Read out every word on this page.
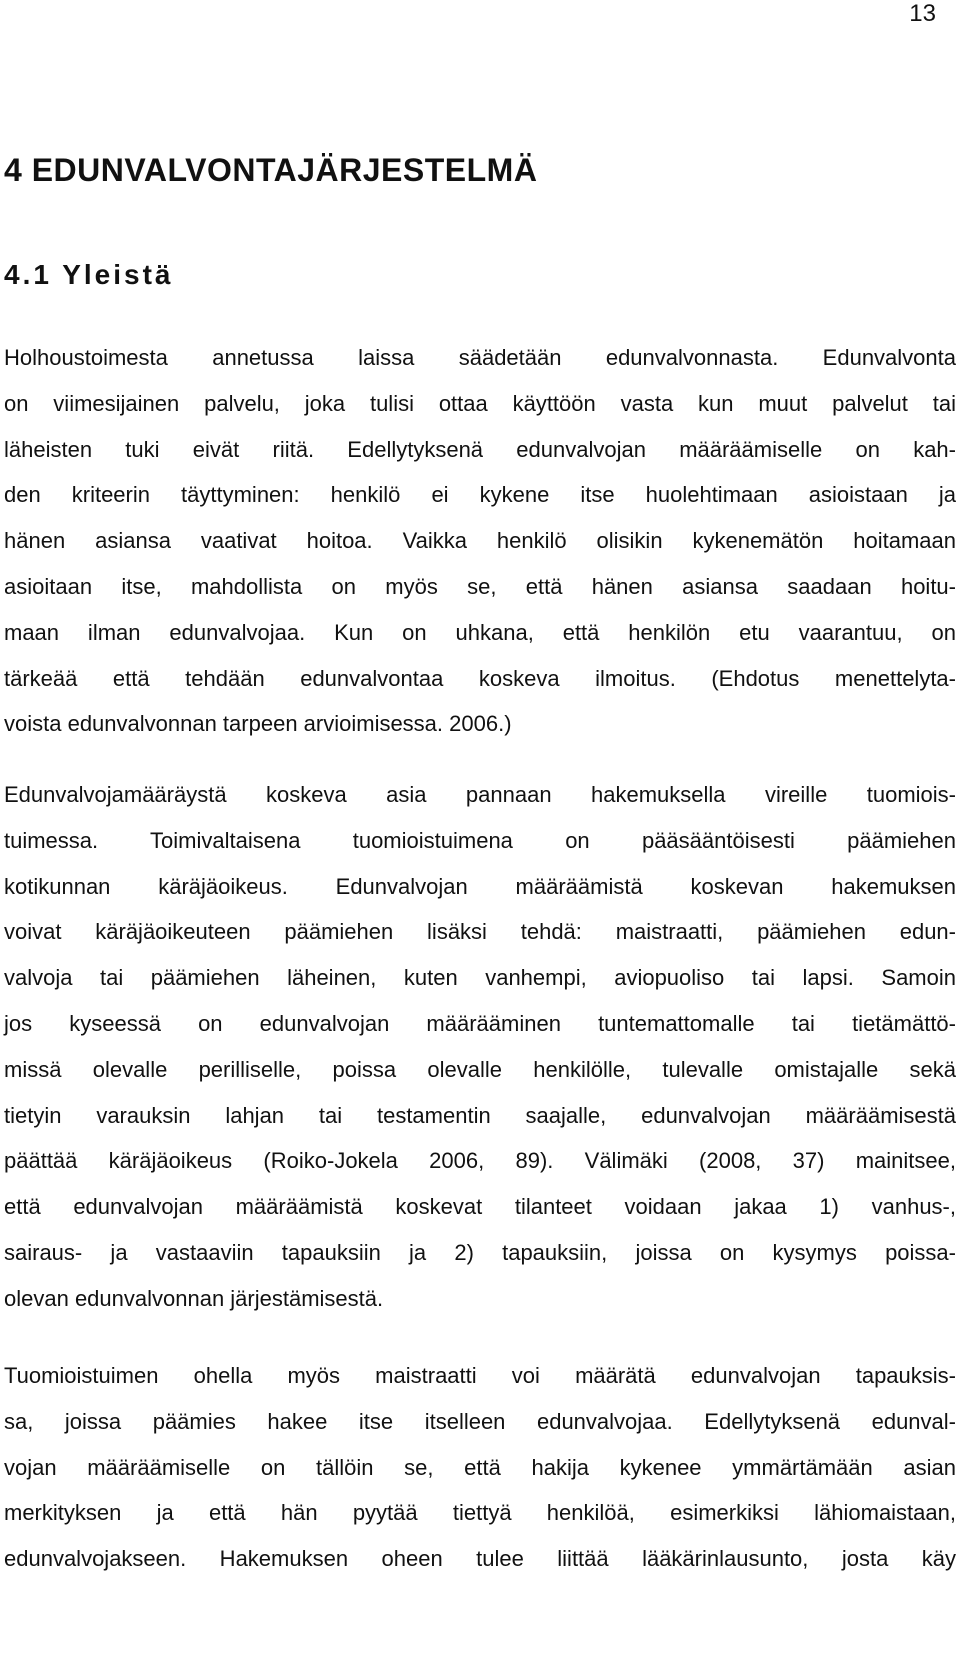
13
4 EDUNVALVONTAJÄRJESTELMÄ
4.1 Yleistä
Holhoustoimesta annetussa laissa säädetään edunvalvonnasta. Edunvalvonta
on viimesijainen palvelu, joka tulisi ottaa käyttöön vasta kun muut palvelut tai
läheisten tuki eivät riitä. Edellytyksenä edunvalvojan määräämiselle on kah-
den kriteerin täyttyminen: henkilö ei kykene itse huolehtimaan asioistaan ja
hänen asiansa vaativat hoitoa. Vaikka henkilö olisikin kykenemätön hoitamaan
asioitaan itse, mahdollista on myös se, että hänen asiansa saadaan hoitu-
maan ilman edunvalvojaa. Kun on uhkana, että henkilön etu vaarantuu, on
tärkeää että tehdään edunvalvontaa koskeva ilmoitus. (Ehdotus menettelyta-
voista edunvalvonnan tarpeen arvioimisessa. 2006.)
Edunvalvojamääräystä koskeva asia pannaan hakemuksella vireille tuomiois-
tuimessa. Toimivaltaisena tuomioistuimena on pääsääntöisesti päämiehen
kotikunnan käräjäoikeus. Edunvalvojan määräämistä koskevan hakemuksen
voivat käräjäoikeuteen päämiehen lisäksi tehdä: maistraatti, päämiehen edun-
valvoja tai päämiehen läheinen, kuten vanhempi, aviopuoliso tai lapsi. Samoin
jos kyseessä on edunvalvojan määrääminen tuntemattomalle tai tietämättö-
missä olevalle perilliselle, poissa olevalle henkilölle, tulevalle omistajalle sekä
tietyin varauksin lahjan tai testamentin saajalle, edunvalvojan määräämisestä
päättää käräjäoikeus (Roiko-Jokela 2006, 89). Välimäki (2008, 37) mainitsee,
että edunvalvojan määräämistä koskevat tilanteet voidaan jakaa 1) vanhus-,
sairaus- ja vastaaviin tapauksiin ja 2) tapauksiin, joissa on kysymys poissa-
olevan edunvalvonnan järjestämisestä.
Tuomioistuimen ohella myös maistraatti voi määrätä edunvalvojan tapauksis-
sa, joissa päämies hakee itse itselleen edunvalvojaa. Edellytyksenä edunval-
vojan määräämiselle on tällöin se, että hakija kykenee ymmärtämään asian
merkityksen ja että hän pyytää tiettyä henkilöä, esimerkiksi lähiomaistaan,
edunvalvojakseen. Hakemuksen oheen tulee liittää lääkärinlausunto, josta käy
